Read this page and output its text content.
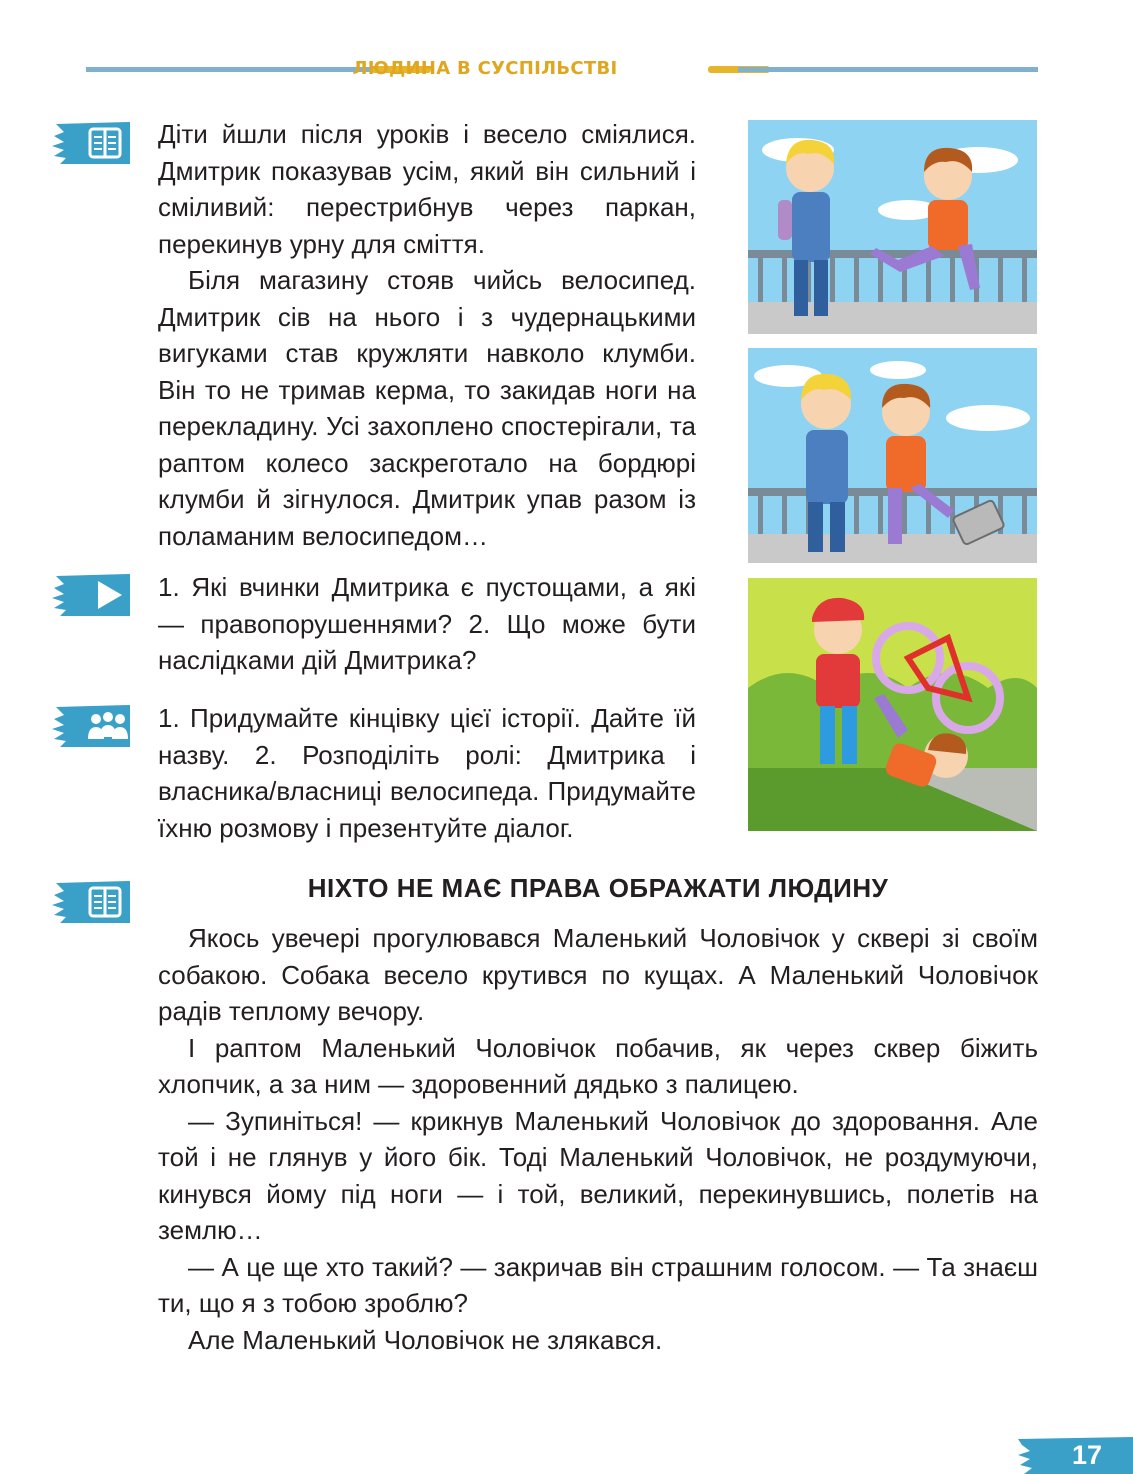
ЛЮДИНА В СУСПІЛЬСТВІ

Діти йшли після уроків і весело сміялися. Дмитрик показував усім, який він сильний і сміливий: перестрибнув через паркан, перекинув урну для сміття.

Біля магазину стояв чийсь велосипед. Дмитрик сів на нього і з чудернацькими вигуками став кружляти навколо клумби. Він то не тримав керма, то закидав ноги на перекладину. Усі захоплено спостерігали, та раптом колесо заскреготало на бордюрі клумби й зігнулося. Дмитрик упав разом із поламаним велосипедом…

1. Які вчинки Дмитрика є пустощами, а які — правопорушеннями? 2. Що може бути наслідками дій Дмитрика?

1. Придумайте кінцівку цієї історії. Дайте їй назву. 2. Розподіліть ролі: Дмитрика і власника/власниці велосипеда. Придумайте їхню розмову і презентуйте діалог.

НІХТО НЕ МАЄ ПРАВА ОБРАЖАТИ ЛЮДИНУ

Якось увечері прогулювався Маленький Чоловічок у сквері зі своїм собакою. Собака весело крутився по кущах. А Маленький Чоловічок радів теплому вечору.

І раптом Маленький Чоловічок побачив, як через сквер біжить хлопчик, а за ним — здоровенний дядько з палицею.

— Зупиніться! — крикнув Маленький Чоловічок до здоровання. Але той і не глянув у його бік. Тоді Маленький Чоловічок, не роздумуючи, кинувся йому під ноги — і той, великий, перекинувшись, полетів на землю…

— А це ще хто такий? — закричав він страшним голосом. — Та знаєш ти, що я з тобою зроблю?

Але Маленький Чоловічок не злякався.

17
